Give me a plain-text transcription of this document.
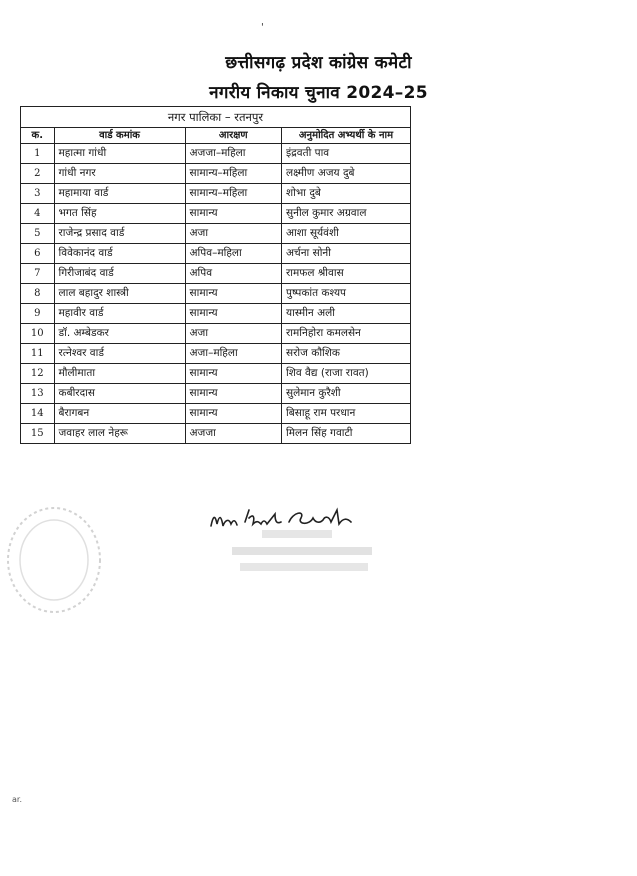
'
छत्तीसगढ़ प्रदेश कांग्रेस कमेटी
नगरीय निकाय चुनाव 2024–25
नगर पालिका – रतनपुर			
क.	वार्ड कमांक	आरक्षण	अनुमोदित अभ्यर्थी के नाम
1	महात्मा गांधी	अजजा–महिला	इंद्रवती पाव
2	गांधी नगर	सामान्य–महिला	लक्ष्मीण अजय दुबे
3	महामाया वार्ड	सामान्य–महिला	शोभा दुबे
4	भगत सिंह	सामान्य	सुनील कुमार अग्रवाल
5	राजेन्द्र प्रसाद वार्ड	अजा	आशा सूर्यवंशी
6	विवेकानंद वार्ड	अपिव–महिला	अर्चना सोनी
7	गिरीजाबंद वार्ड	अपिव	रामफल श्रीवास
8	लाल बहादुर शास्त्री	सामान्य	पुष्पकांत कश्यप
9	महावीर वार्ड	सामान्य	यास्मीन अली
10	डॉ. अम्बेडकर	अजा	रामनिहोरा कमलसेन
11	रत्नेश्वर वार्ड	अजा–महिला	सरोज कौशिक
12	मौलीमाता	सामान्य	शिव वैद्य (राजा रावत)
13	कबीरदास	सामान्य	सुलेमान कुरैशी
14	बैरागबन	सामान्य	बिसाहू राम परधान
15	जवाहर लाल नेहरू	अजजा	मिलन सिंह गवाटी
ar.
